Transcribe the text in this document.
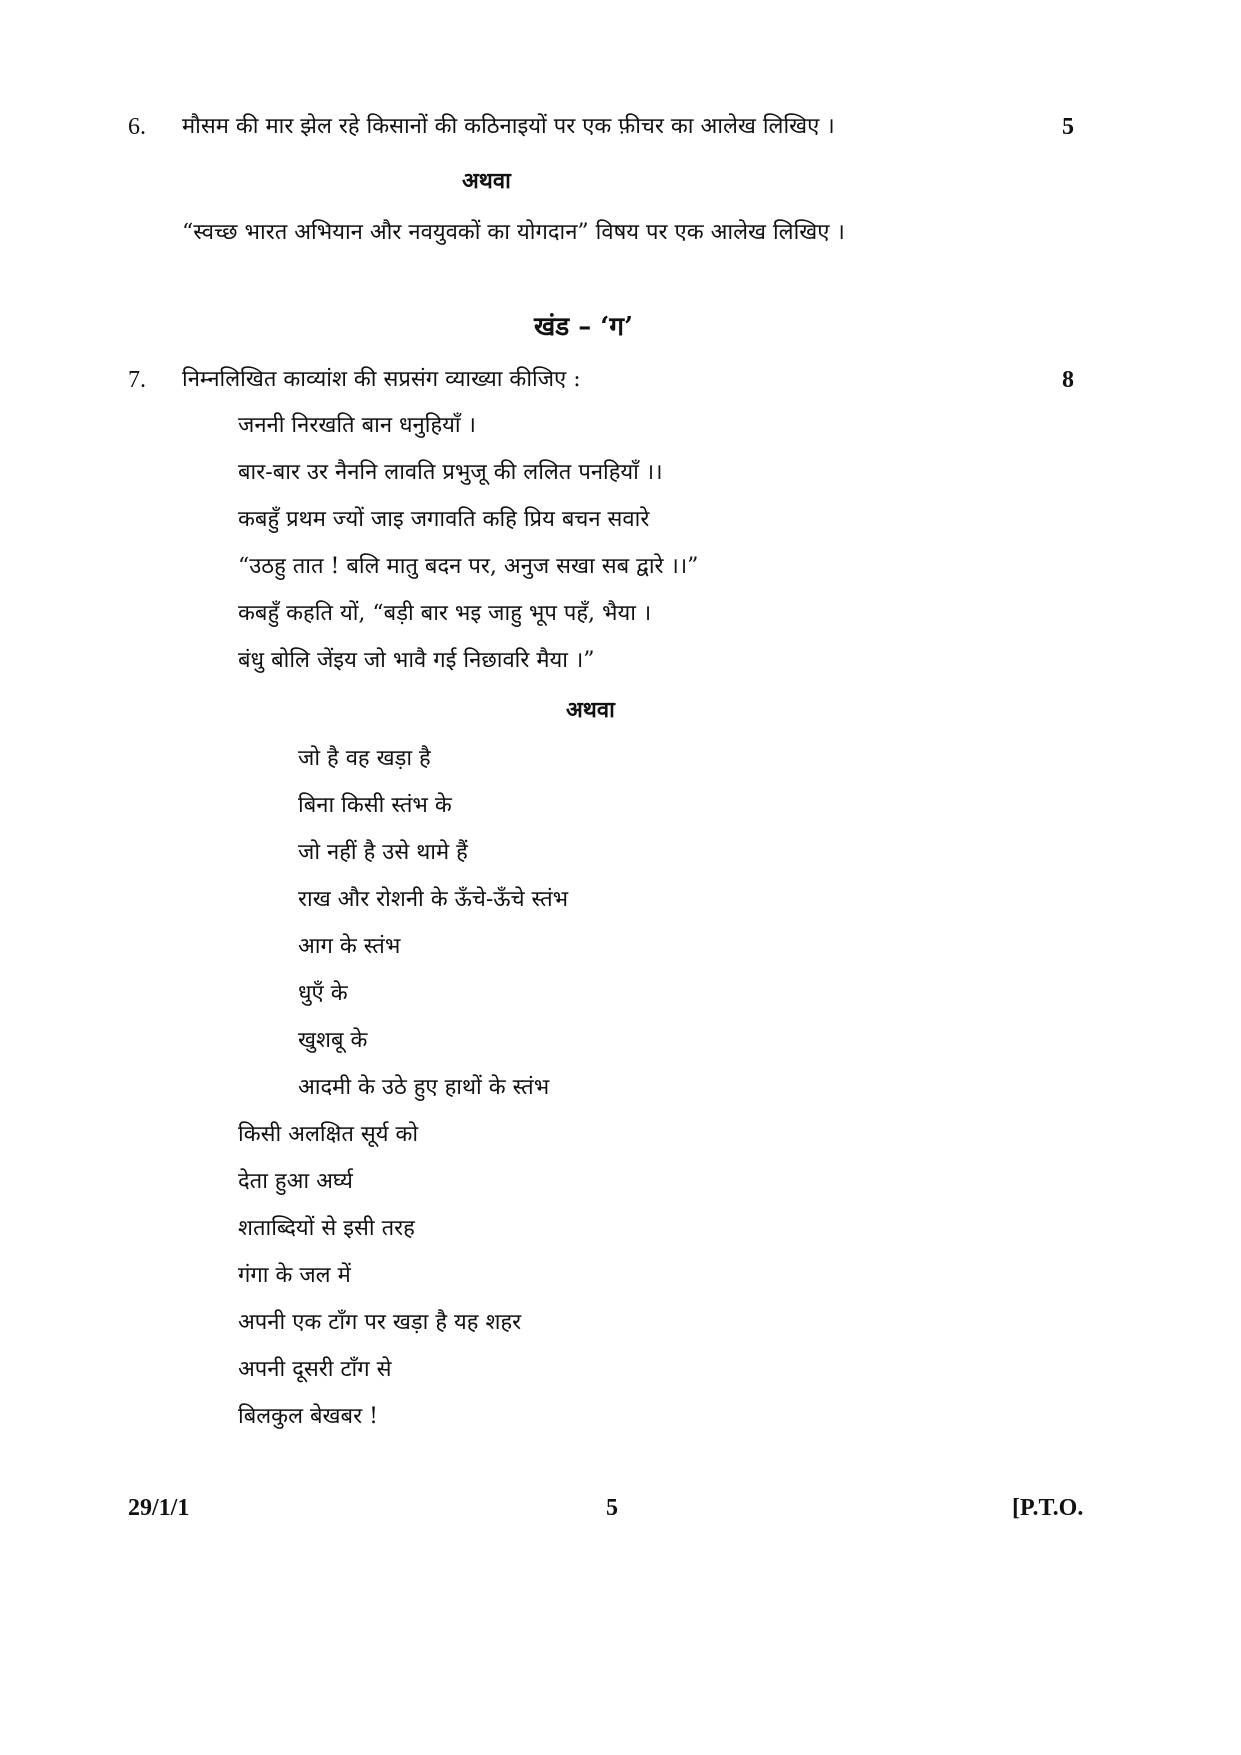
6. मौसम की मार झेल रहे किसानों की कठिनाइयों पर एक फ़ीचर का आलेख लिखिए ।	5
अथवा
“स्वच्छ भारत अभियान और नवयुवकों का योगदान” विषय पर एक आलेख लिखिए ।
खंड – ‘ग’
7. निम्नलिखित काव्यांश की सप्रसंग व्याख्या कीजिए :	8
जननी निरखति बान धनुहियाँ ।
बार-बार उर नैननि लावति प्रभुजू की ललित पनहियाँ ।।
कबहुँ प्रथम ज्यों जाइ जगावति कहि प्रिय बचन सवारे
“उठहु तात ! बलि मातु बदन पर, अनुज सखा सब द्वारे ।।”
कबहुँ कहति यों, “बड़ी बार भइ जाहु भूप पहँ, भैया ।
बंधु बोलि जेंइय जो भावै गई निछावरि मैया ।”
अथवा
जो है वह खड़ा है
बिना किसी स्तंभ के
जो नहीं है उसे थामे हैं
राख और रोशनी के ऊँचे-ऊँचे स्तंभ
आग के स्तंभ
धुएँ के
खुशबू के
आदमी के उठे हुए हाथों के स्तंभ
किसी अलक्षित सूर्य को
देता हुआ अर्घ्य
शताब्दियों से इसी तरह
गंगा के जल में
अपनी एक टाँग पर खड़ा है यह शहर
अपनी दूसरी टाँग से
बिलकुल बेखबर !
29/1/1	5	[P.T.O.
